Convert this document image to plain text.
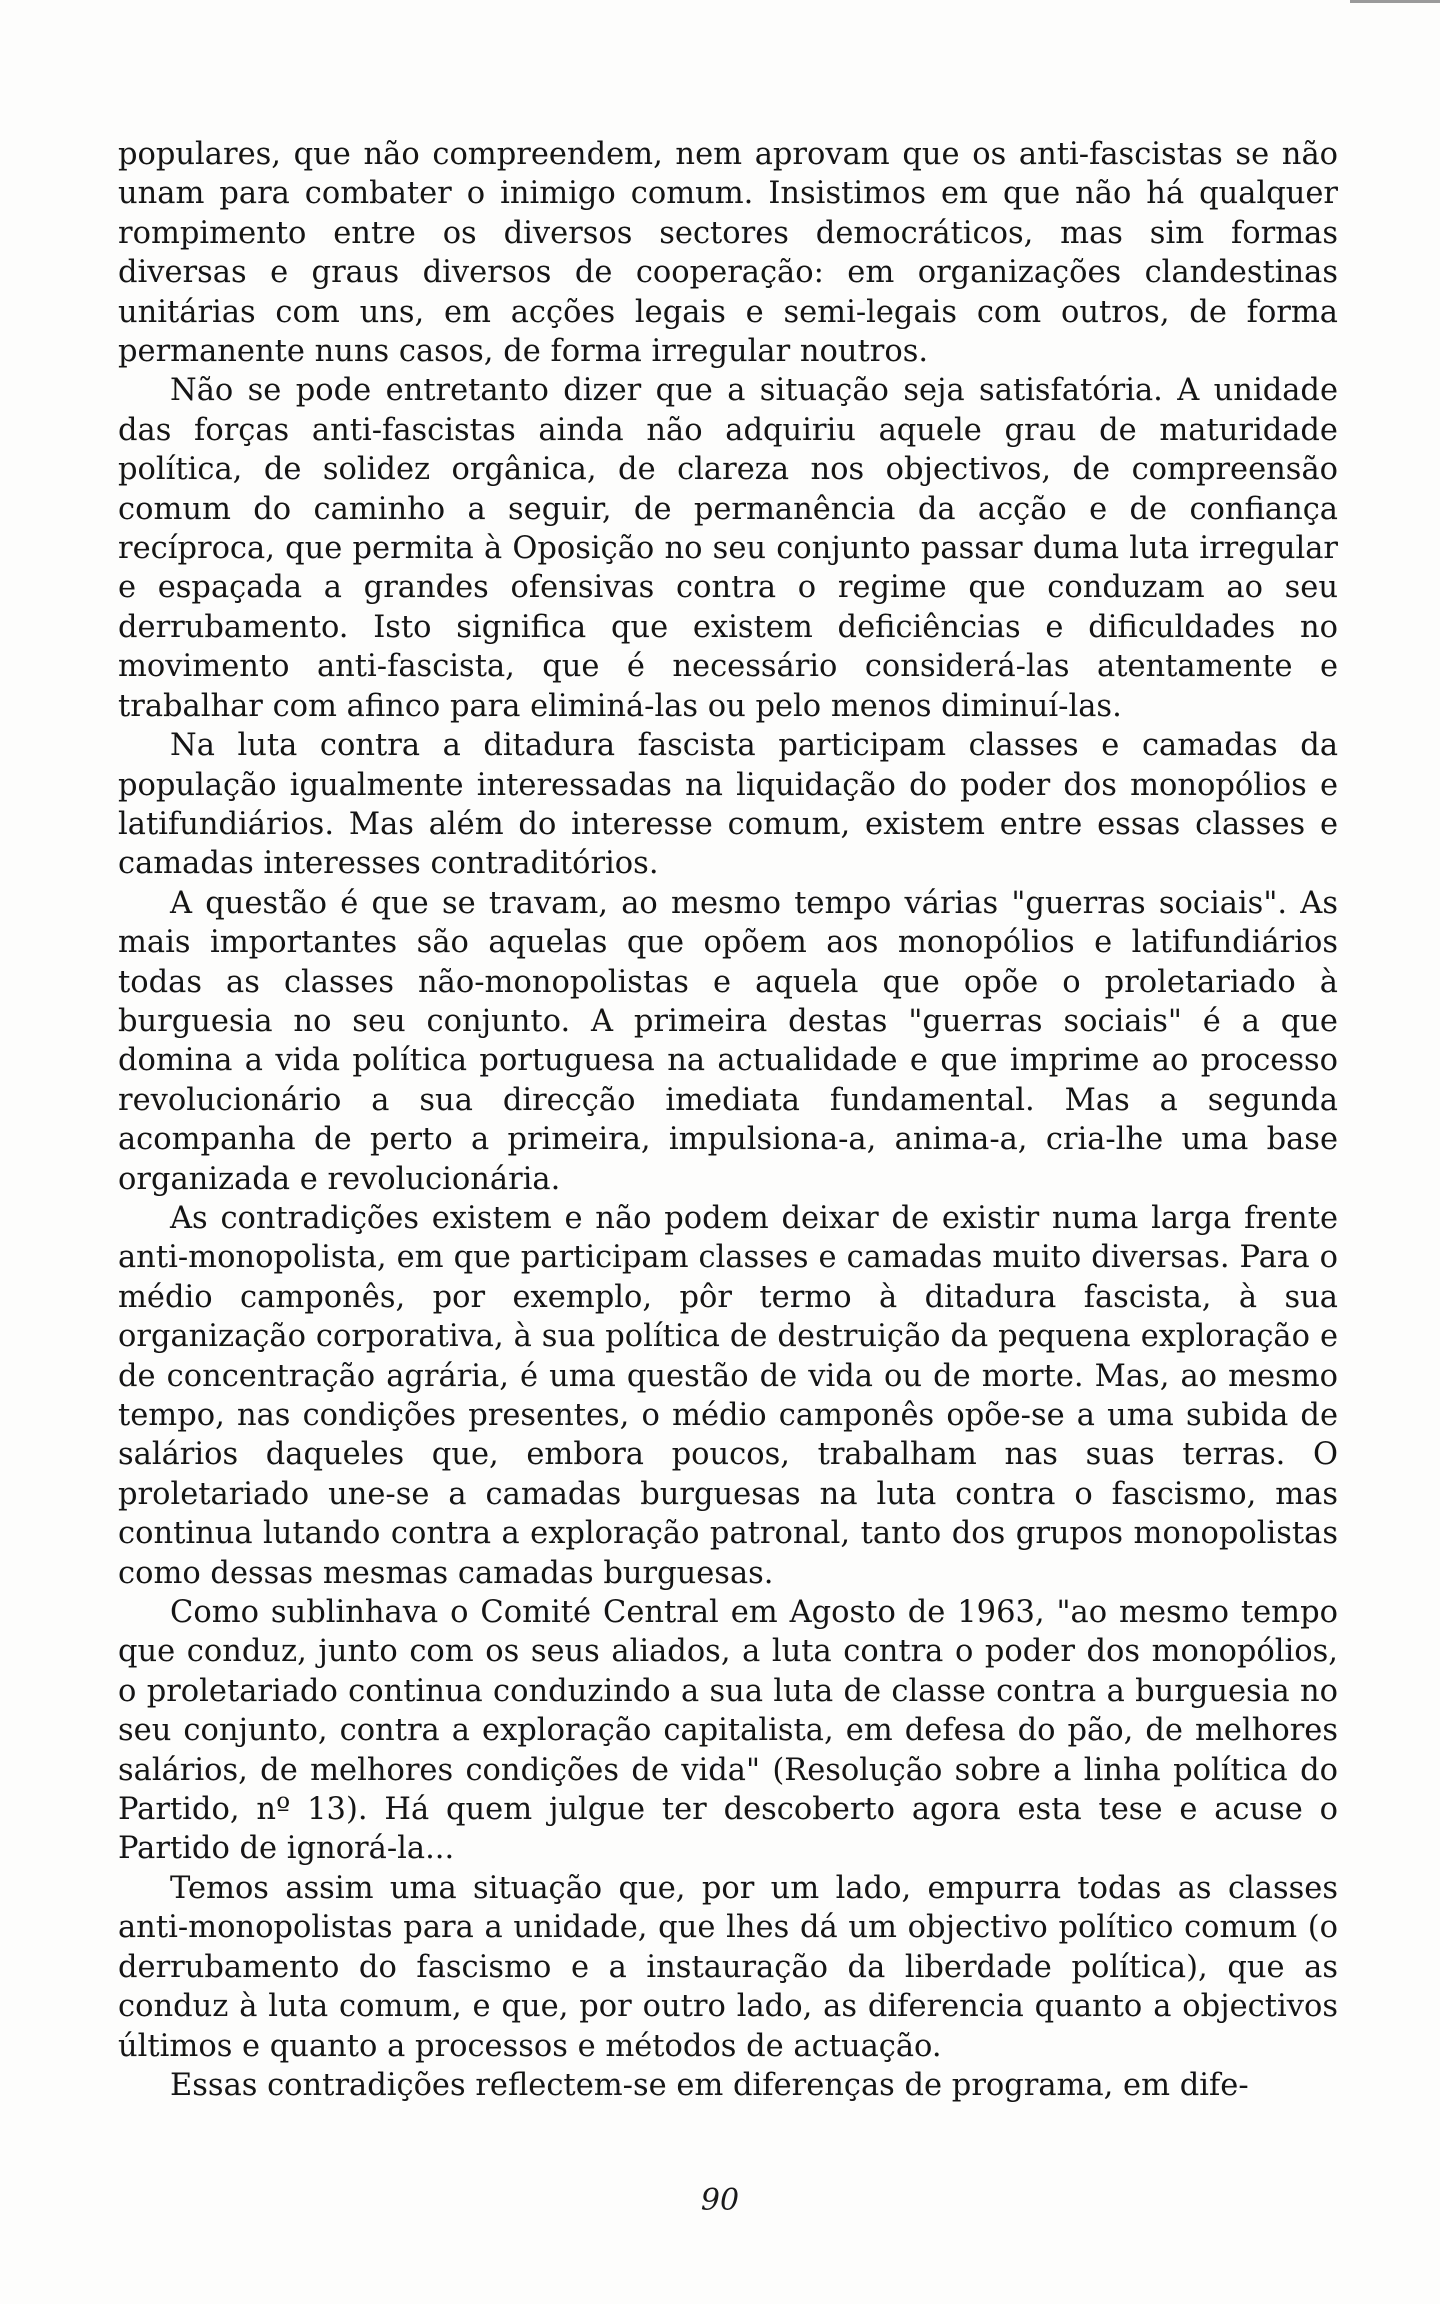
populares, que não compreendem, nem aprovam que os anti-fascistas se não unam para combater o inimigo comum. Insistimos em que não há qualquer rompimento entre os diversos sectores democráticos, mas sim formas diversas e graus diversos de cooperação: em organizações clandestinas unitárias com uns, em acções legais e semi-legais com outros, de forma permanente nuns casos, de forma irregular noutros.

Não se pode entretanto dizer que a situação seja satisfatória. A unidade das forças anti-fascistas ainda não adquiriu aquele grau de maturidade política, de solidez orgânica, de clareza nos objectivos, de compreensão comum do caminho a seguir, de permanência da acção e de confiança recíproca, que permita à Oposição no seu conjunto passar duma luta irregular e espaçada a grandes ofensivas contra o regime que conduzam ao seu derrubamento. Isto significa que existem deficiências e dificuldades no movimento anti-fascista, que é necessário considerá-las atentamente e trabalhar com afinco para eliminá-las ou pelo menos diminuí-las.

Na luta contra a ditadura fascista participam classes e camadas da população igualmente interessadas na liquidação do poder dos monopólios e latifundiários. Mas além do interesse comum, existem entre essas classes e camadas interesses contraditórios.

A questão é que se travam, ao mesmo tempo várias "guerras sociais". As mais importantes são aquelas que opõem aos monopólios e latifundiários todas as classes não-monopolistas e aquela que opõe o proletariado à burguesia no seu conjunto. A primeira destas "guerras sociais" é a que domina a vida política portuguesa na actualidade e que imprime ao processo revolucionário a sua direcção imediata fundamental. Mas a segunda acompanha de perto a primeira, impulsiona-a, anima-a, cria-lhe uma base organizada e revolucionária.

As contradições existem e não podem deixar de existir numa larga frente anti-monopolista, em que participam classes e camadas muito diversas. Para o médio camponês, por exemplo, pôr termo à ditadura fascista, à sua organização corporativa, à sua política de destruição da pequena exploração e de concentração agrária, é uma questão de vida ou de morte. Mas, ao mesmo tempo, nas condições presentes, o médio camponês opõe-se a uma subida de salários daqueles que, embora poucos, trabalham nas suas terras. O proletariado une-se a camadas burguesas na luta contra o fascismo, mas continua lutando contra a exploração patronal, tanto dos grupos monopolistas como dessas mesmas camadas burguesas.

Como sublinhava o Comité Central em Agosto de 1963, "ao mesmo tempo que conduz, junto com os seus aliados, a luta contra o poder dos monopólios, o proletariado continua conduzindo a sua luta de classe contra a burguesia no seu conjunto, contra a exploração capitalista, em defesa do pão, de melhores salários, de melhores condições de vida" (Resolução sobre a linha política do Partido, nº 13). Há quem julgue ter descoberto agora esta tese e acuse o Partido de ignorá-la...

Temos assim uma situação que, por um lado, empurra todas as classes anti-monopolistas para a unidade, que lhes dá um objectivo político comum (o derrubamento do fascismo e a instauração da liberdade política), que as conduz à luta comum, e que, por outro lado, as diferencia quanto a objectivos últimos e quanto a processos e métodos de actuação.

Essas contradições reflectem-se em diferenças de programa, em dife-

90
